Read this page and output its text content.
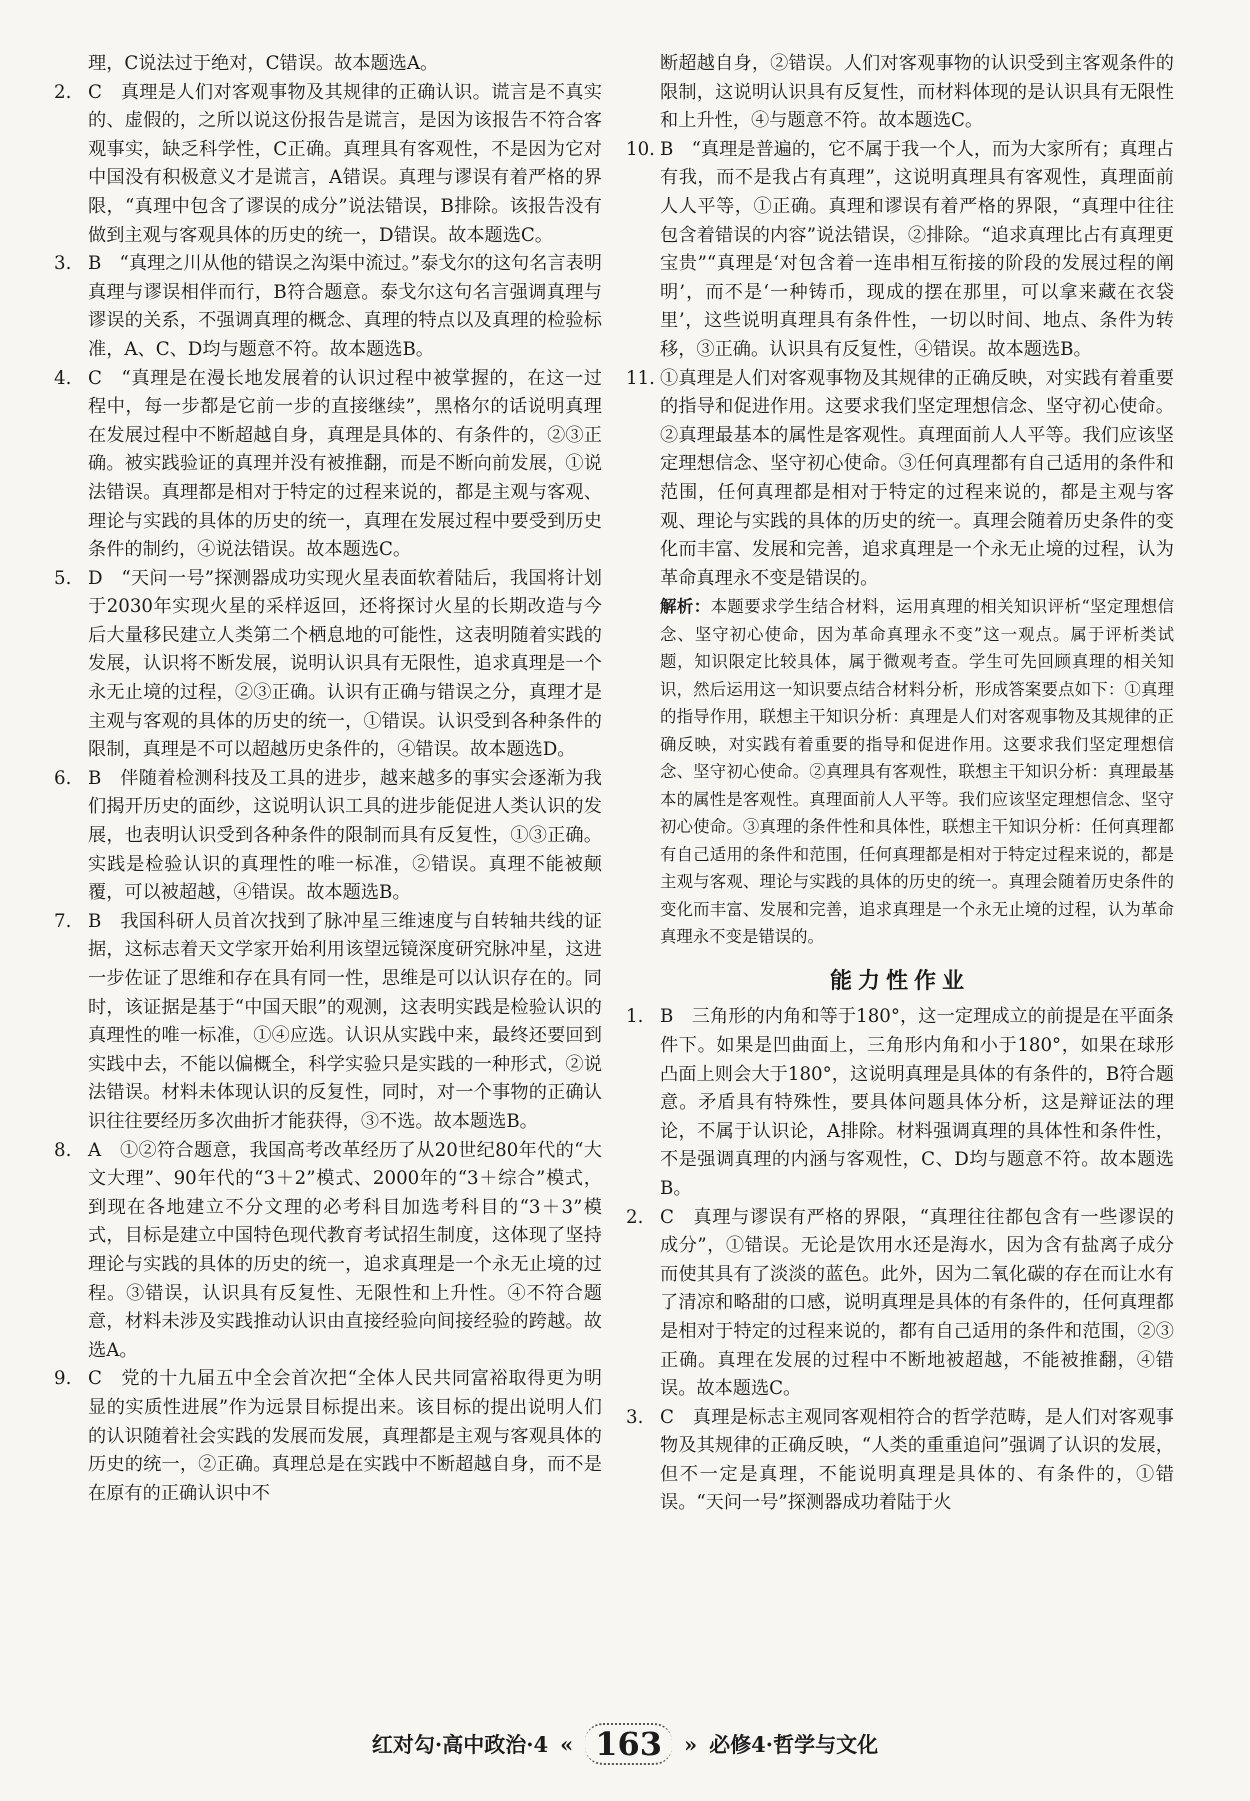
理，C说法过于绝对，C错误。故本题选A。
2. C　真理是人们对客观事物及其规律的正确认识。谎言是不真实的、虚假的，之所以说这份报告是谎言，是因为该报告不符合客观事实，缺乏科学性，C正确。真理具有客观性，不是因为它对中国没有积极意义才是谎言，A错误。真理与谬误有着严格的界限，“真理中包含了谬误的成分”说法错误，B排除。该报告没有做到主观与客观具体的历史的统一，D错误。故本题选C。
3. B　“真理之川从他的错误之沟渠中流过。”泰戈尔的这句名言表明真理与谬误相伴而行，B符合题意。泰戈尔这句名言强调真理与谬误的关系，不强调真理的概念、真理的特点以及真理的检验标准，A、C、D均与题意不符。故本题选B。
4. C　“真理是在漫长地发展着的认识过程中被掌握的，在这一过程中，每一步都是它前一步的直接继续”，黑格尔的话说明真理在发展过程中不断超越自身，真理是具体的、有条件的，②③正确。被实践验证的真理并没有被推翻，而是不断向前发展，①说法错误。真理都是相对于特定的过程来说的，都是主观与客观、理论与实践的具体的历史的统一，真理在发展过程中要受到历史条件的制约，④说法错误。故本题选C。
5. D　“天问一号”探测器成功实现火星表面软着陆后，我国将计划于2030年实现火星的采样返回，还将探讨火星的长期改造与今后大量移民建立人类第二个栖息地的可能性，这表明随着实践的发展，认识将不断发展，说明认识具有无限性，追求真理是一个永无止境的过程，②③正确。认识有正确与错误之分，真理才是主观与客观的具体的历史的统一，①错误。认识受到各种条件的限制，真理是不可以超越历史条件的，④错误。故本题选D。
6. B　伴随着检测科技及工具的进步，越来越多的事实会逐渐为我们揭开历史的面纱，这说明认识工具的进步能促进人类认识的发展，也表明认识受到各种条件的限制而具有反复性，①③正确。实践是检验认识的真理性的唯一标准，②错误。真理不能被颠覆，可以被超越，④错误。故本题选B。
7. B　我国科研人员首次找到了脉冲星三维速度与自转轴共线的证据，这标志着天文学家开始利用该望远镜深度研究脉冲星，这进一步佐证了思维和存在具有同一性，思维是可以认识存在的。同时，该证据是基于“中国天眼”的观测，这表明实践是检验认识的真理性的唯一标准，①④应选。认识从实践中来，最终还要回到实践中去，不能以偏概全，科学实验只是实践的一种形式，②说法错误。材料未体现认识的反复性，同时，对一个事物的正确认识往往要经历多次曲折才能获得，③不选。故本题选B。
8. A　①②符合题意，我国高考改革经历了从20世纪80年代的“大文大理”、90年代的“3＋2”模式、2000年的“3＋综合”模式，到现在各地建立不分文理的必考科目加选考科目的“3＋3”模式，目标是建立中国特色现代教育考试招生制度，这体现了坚持理论与实践的具体的历史的统一，追求真理是一个永无止境的过程。③错误，认识具有反复性、无限性和上升性。④不符合题意，材料未涉及实践推动认识由直接经验向间接经验的跨越。故选A。
9. C　党的十九届五中全会首次把“全体人民共同富裕取得更为明显的实质性进展”作为远景目标提出来。该目标的提出说明人们的认识随着社会实践的发展而发展，真理都是主观与客观具体的历史的统一，②正确。真理总是在实践中不断超越自身，而不是在原有的正确认识中不
断超越自身，②错误。人们对客观事物的认识受到主客观条件的限制，这说明认识具有反复性，而材料体现的是认识具有无限性和上升性，④与题意不符。故本题选C。
10. B　“真理是普遍的，它不属于我一个人，而为大家所有；真理占有我，而不是我占有真理”，这说明真理具有客观性，真理面前人人平等，①正确。真理和谬误有着严格的界限，“真理中往往包含着错误的内容”说法错误，②排除。“追求真理比占有真理更宝贵”“真理是‘对包含着一连串相互衔接的阶段的发展过程的阐明’，而不是‘一种铸币，现成的摆在那里，可以拿来藏在衣袋里’，这些说明真理具有条件性，一切以时间、地点、条件为转移，③正确。认识具有反复性，④错误。故本题选B。
11. ①真理是人们对客观事物及其规律的正确反映，对实践有着重要的指导和促进作用。这要求我们坚定理想信念、坚守初心使命。②真理最基本的属性是客观性。真理面前人人平等。我们应该坚定理想信念、坚守初心使命。③任何真理都有自己适用的条件和范围，任何真理都是相对于特定的过程来说的，都是主观与客观、理论与实践的具体的历史的统一。真理会随着历史条件的变化而丰富、发展和完善，追求真理是一个永无止境的过程，认为革命真理永不变是错误的。
解析：本题要求学生结合材料，运用真理的相关知识评析“坚定理想信念、坚守初心使命，因为革命真理永不变”这一观点。属于评析类试题，知识限定比较具体，属于微观考查。学生可先回顾真理的相关知识，然后运用这一知识要点结合材料分析，形成答案要点如下：①真理的指导作用，联想主干知识分析：真理是人们对客观事物及其规律的正确反映，对实践有着重要的指导和促进作用。这要求我们坚定理想信念、坚守初心使命。②真理具有客观性，联想主干知识分析：真理最基本的属性是客观性。真理面前人人平等。我们应该坚定理想信念、坚守初心使命。③真理的条件性和具体性，联想主干知识分析：任何真理都有自己适用的条件和范围，任何真理都是相对于特定过程来说的，都是主观与客观、理论与实践的具体的历史的统一。真理会随着历史条件的变化而丰富、发展和完善，追求真理是一个永无止境的过程，认为革命真理永不变是错误的。
能力性作业
1. B　三角形的内角和等于180°，这一定理成立的前提是在平面条件下。如果是凹曲面上，三角形内角和小于180°，如果在球形凸面上则会大于180°，这说明真理是具体的有条件的，B符合题意。矛盾具有特殊性，要具体问题具体分析，这是辩证法的理论，不属于认识论，A排除。材料强调真理的具体性和条件性，不是强调真理的内涵与客观性，C、D均与题意不符。故本题选B。
2. C　真理与谬误有严格的界限，“真理往往都包含有一些谬误的成分”，①错误。无论是饮用水还是海水，因为含有盐离子成分而使其具有了淡淡的蓝色。此外，因为二氧化碳的存在而让水有了清凉和略甜的口感，说明真理是具体的有条件的，任何真理都是相对于特定的过程来说的，都有自己适用的条件和范围，②③正确。真理在发展的过程中不断地被超越，不能被推翻，④错误。故本题选C。
3. C　真理是标志主观同客观相符合的哲学范畴，是人们对客观事物及其规律的正确反映，“人类的重重追问”强调了认识的发展，但不一定是真理，不能说明真理是具体的、有条件的，①错误。“天问一号”探测器成功着陆于火
红对勾·高中政治·4 « 163	» 必修4·哲学与文化
